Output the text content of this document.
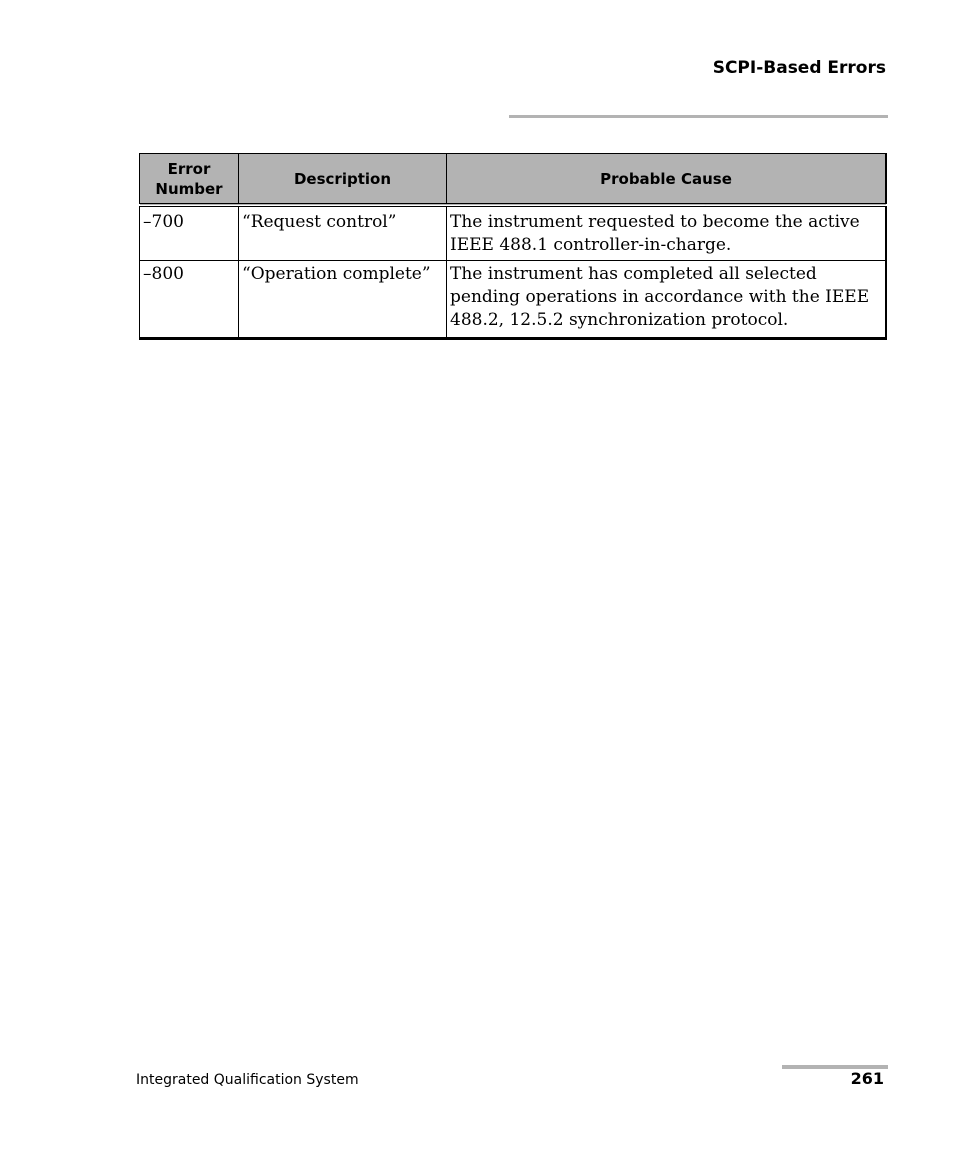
SCPI-Based Errors
Error
Number	Description	Probable Cause
–700	“Request control”	The instrument requested to become the active IEEE 488.1 controller-in-charge.
–800	“Operation complete”	The instrument has completed all selected pending operations in accordance with the IEEE 488.2, 12.5.2 synchronization protocol.
Integrated Qualification System	261
